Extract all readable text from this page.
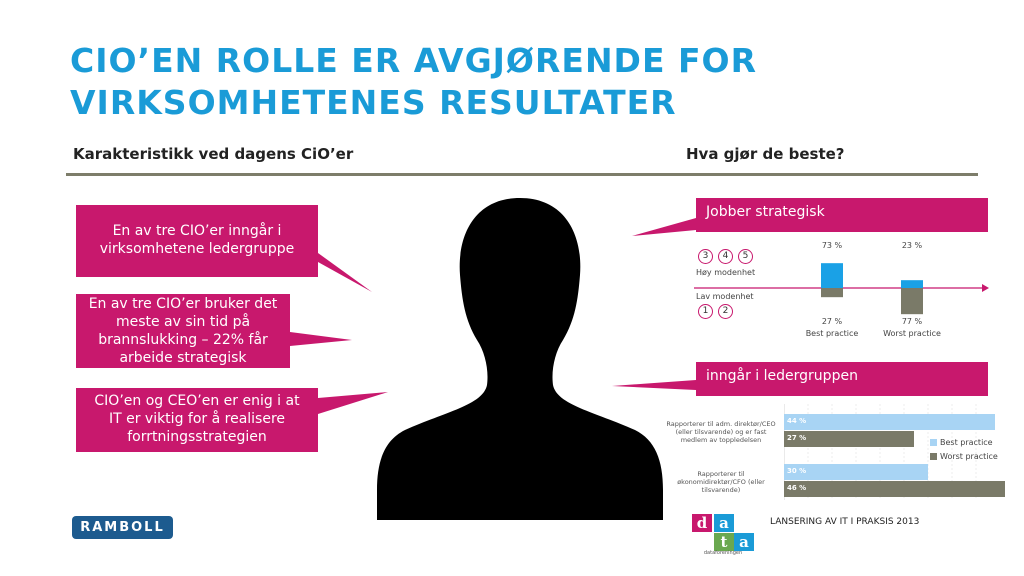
CIO’EN ROLLE ER AVGJØRENDE FOR
VIRKSOMHETENES RESULTATER
Karakteristikk ved dagens CiO’er	Hva gjør de beste?
En av tre CIO’er inngår i
virksomhetene ledergruppe
En av tre CIO’er bruker det
meste av sin tid på
brannslukking – 22% får
arbeide strategisk
CIO’en og CEO’en er enig i at
IT er viktig for å realisere
forrtningsstrategien
Jobber strategisk
3	4	5
Høy modenhet
Lav modenhet
1	2
73 %
27 %
Best practice
23 %
77 %
Worst practice
inngår i ledergruppen
Rapporterer til adm. direktør/CEO (eller tilsvarende) og er fast medlem av toppledelsen
Rapporterer til økonomidirektør/CFO (eller tilsvarende)
44 %
27 %
30 %
46 %
Best practice
Worst practice
RAMBOLL	d a
t a
dataforeningen
LANSERING AV IT I PRAKSIS 2013
